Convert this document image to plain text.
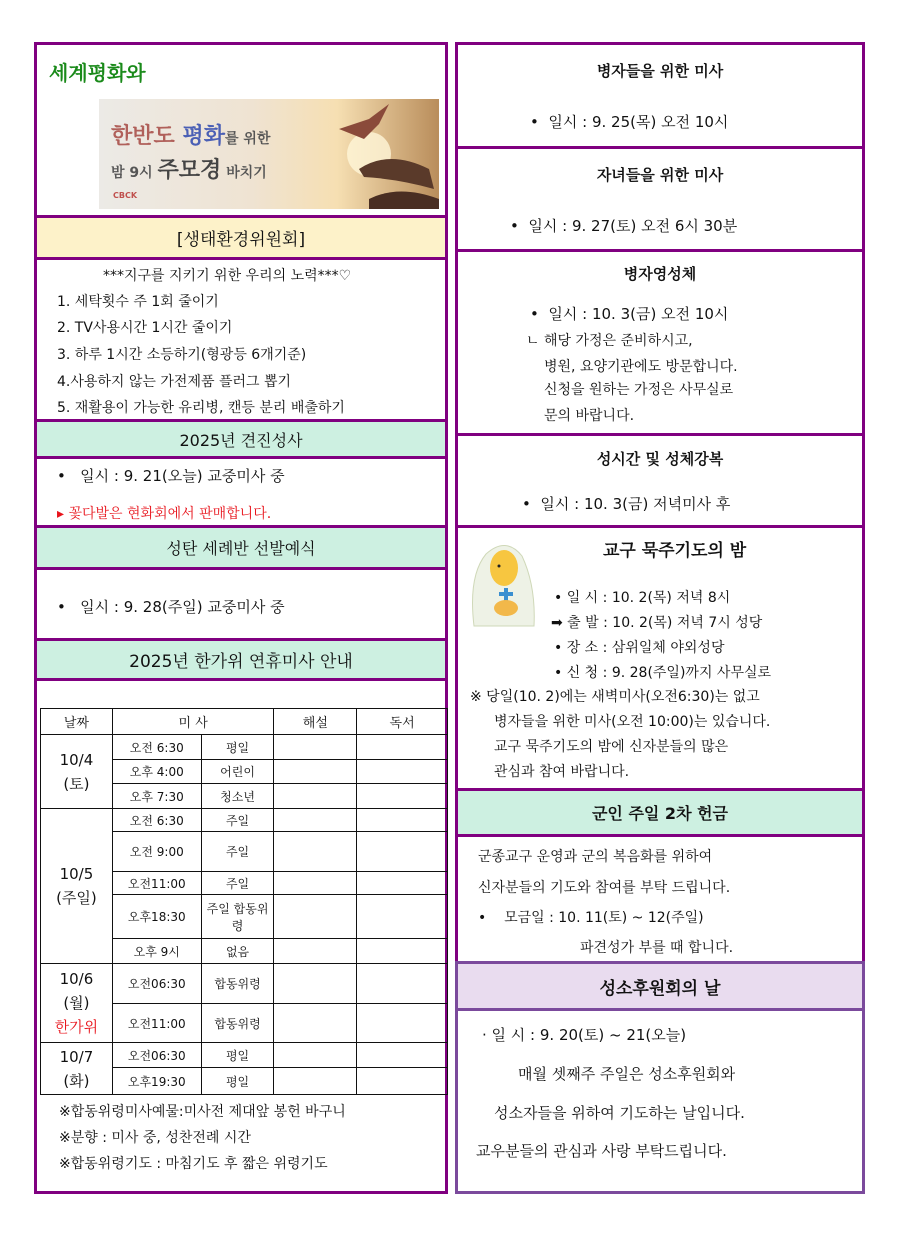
세계평화와
한반도 평화를 위한
밤 9시 주모경 바치기
CBCK
[생태환경위원회]
***지구를 지키기 위한 우리의 노력***♡
1. 세탁횟수 주 1회 줄이기
2. TV사용시간 1시간 줄이기
3. 하루 1시간 소등하기(형광등 6개기준)
4.사용하지 않는 가전제품 플러그 뽑기
5. 재활용이 가능한 유리병, 캔등 분리 배출하기
2025년 견진성사
•   일시 : 9. 21(오늘) 교중미사 중
▸ 꽃다발은 현화회에서 판매합니다.
성탄 세례반 선발예식
•   일시 : 9. 28(주일) 교중미사 중
2025년 한가위 연휴미사 안내
날짜	미 사		해설	독서

10/4
(토)	오전 6:30	평일		
	오후 4:00	어린이		
	오후 7:30	청소년		

10/5
(주일)	오전 6:30	주일		
	오전 9:00	주일		
	오전11:00	주일		
	오후18:30	주일 합동위령		
	오후 9시	없음		

10/6
(월)
한가위	오전06:30	합동위령		
	오전11:00	합동위령		

10/7
(화)	오전06:30	평일		
	오후19:30	평일		
※합동위령미사예물:미사전 제대앞 봉헌 바구니
※분향 : 미사 중, 성찬전례 시간
※합동위령기도 : 마침기도 후 짧은 위령기도
병자들을 위한 미사
•  일시 : 9. 25(목) 오전 10시
자녀들을 위한 미사
•  일시 : 9. 27(토) 오전 6시 30분
병자영성체
•  일시 : 10. 3(금) 오전 10시
ㄴ 해당 가정은 준비하시고,
병원, 요양기관에도 방문합니다.
신청을 원하는 가정은 사무실로
문의 바랍니다.
성시간 및 성체강복
•  일시 : 10. 3(금) 저녁미사 후
교구 묵주기도의 밤
• 일 시 : 10. 2(목) 저녁 8시
➡ 출 발 : 10. 2(목) 저녁 7시 성당
• 장 소 : 삼위일체 야외성당
• 신 청 : 9. 28(주일)까지 사무실로
※ 당일(10. 2)에는 새벽미사(오전6:30)는 없고
병자들을 위한 미사(오전 10:00)는 있습니다.
교구 묵주기도의 밤에 신자분들의 많은
관심과 참여 바랍니다.
군인 주일 2차 헌금
군종교구 운영과 군의 복음화를 위하여
신자분들의 기도와 참여를 부탁 드립니다.
•    모금일 : 10. 11(토) ~ 12(주일)
파견성가 부를 때 합니다.
성소후원회의 날
· 일 시 : 9. 20(토) ~ 21(오늘)
매월 셋째주 주일은 성소후원회와
성소자들을 위하여 기도하는 날입니다.
교우분들의 관심과 사랑 부탁드립니다.
